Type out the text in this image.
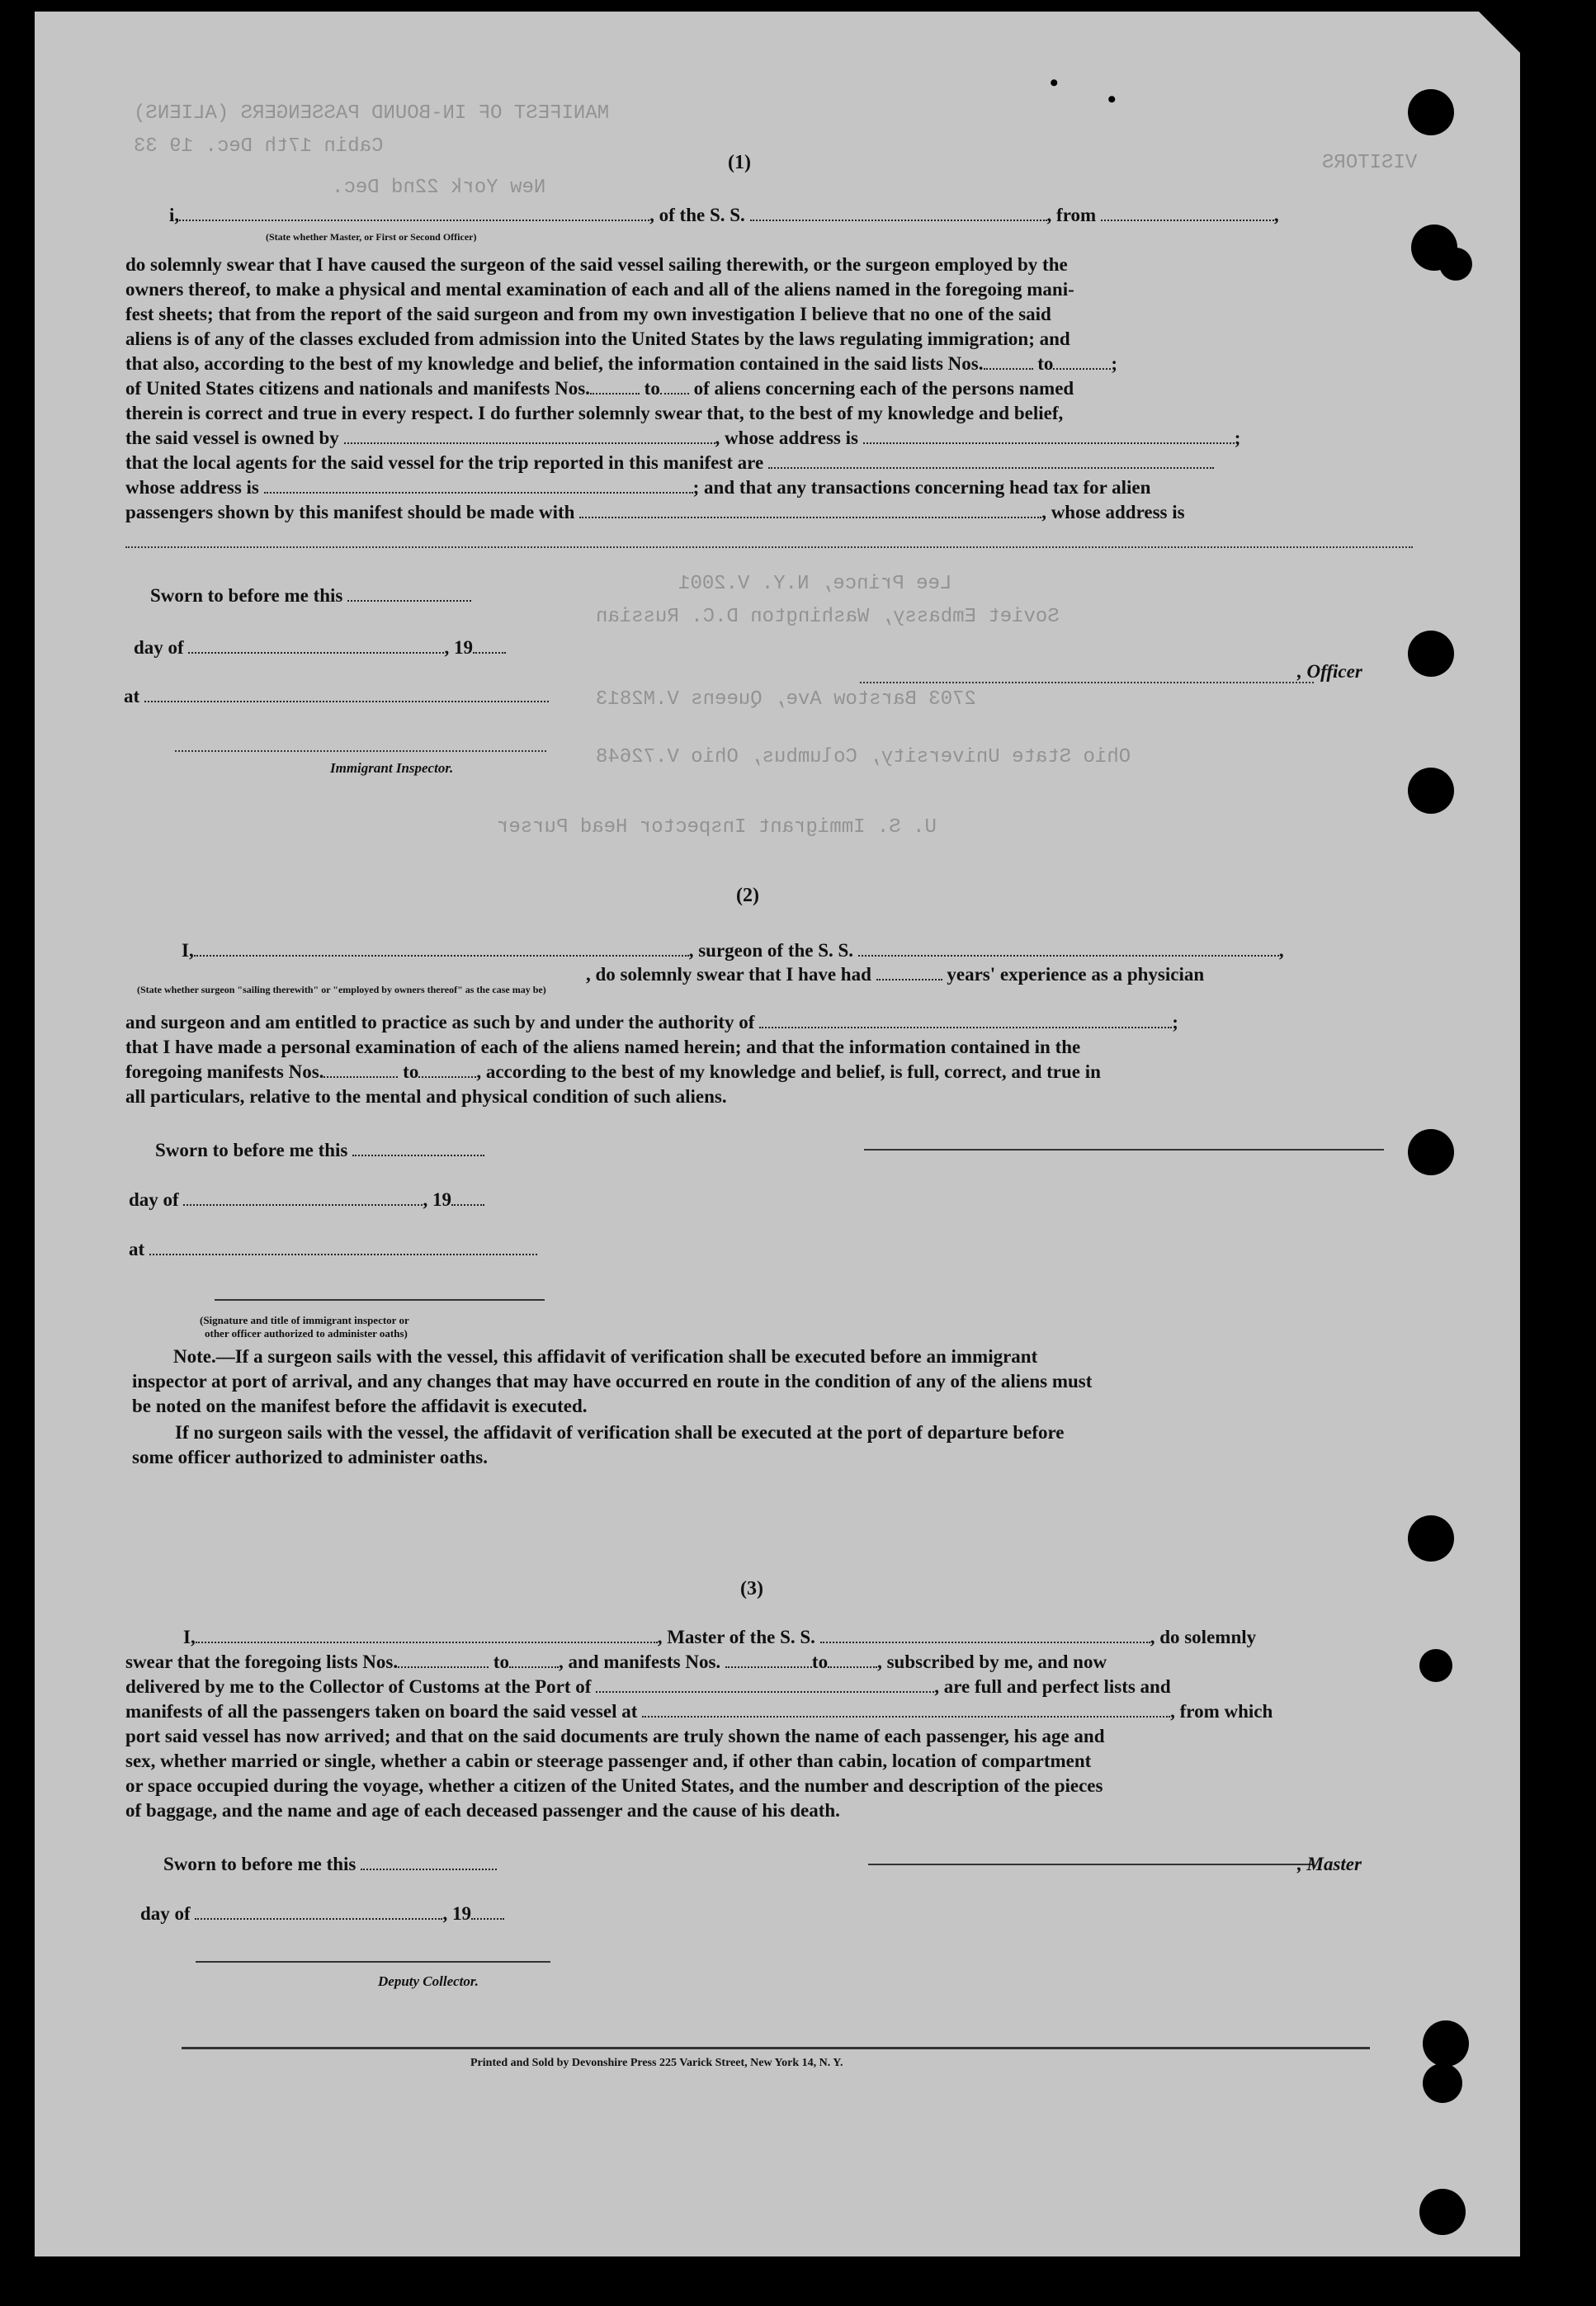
MANIFEST OF IN-BOUND PASSENGERS (ALIENS)
Cabin 17th Dec. 19 33
New York 22nd Dec.
VISITORS
Lee Prince, N.Y. V.2001
Soviet Embassy, Washington D.C. Russian
2703 Barstow Ave, Queens V.M2813
Ohio State University, Columbus, Ohio V.72648
U. S. Immigrant Inspector Head Purser
(1)
i,	, of the S. S.	, from	,
(State whether Master, or First or Second Officer)
do solemnly swear that I have caused the surgeon of the said vessel sailing therewith, or the surgeon employed by the
owners thereof, to make a physical and mental examination of each and all of the aliens named in the foregoing mani-
fest sheets; that from the report of the said surgeon and from my own investigation I believe that no one of the said
aliens is of any of the classes excluded from admission into the United States by the laws regulating immigration; and
that also, according to the best of my knowledge and belief, the information contained in the said lists Nos.	to	;
of United States citizens and nationals and manifests Nos.	to of aliens concerning each of the persons named
therein is correct and true in every respect. I do further solemnly swear that, to the best of my knowledge and belief,
the said vessel is owned by	, whose address is	;
that the local agents for the said vessel for the trip reported in this manifest are
whose address is	; and that any transactions concerning head tax for alien
passengers shown by this manifest should be made with	, whose address is
Sworn to before me this
day of	, 19
at
, Officer
Immigrant Inspector.
(2)
I,	, surgeon of the S. S.	,
, do solemnly swear that I have had	years' experience as a physician
(State whether surgeon "sailing therewith" or "employed by owners thereof" as the case may be)
and surgeon and am entitled to practice as such by and under the authority of	;
that I have made a personal examination of each of the aliens named herein; and that the information contained in the
foregoing manifests Nos.	to	, according to the best of my knowledge and belief, is full, correct, and true in
all particulars, relative to the mental and physical condition of such aliens.
Sworn to before me this
day of	, 19
at
(Signature and title of immigrant inspector or
other officer authorized to administer oaths)
Note.—If a surgeon sails with the vessel, this affidavit of verification shall be executed before an immigrant
inspector at port of arrival, and any changes that may have occurred en route in the condition of any of the aliens must
be noted on the manifest before the affidavit is executed.
If no surgeon sails with the vessel, the affidavit of verification shall be executed at the port of departure before
some officer authorized to administer oaths.
(3)
I,	, Master of the S. S.	, do solemnly
swear that the foregoing lists Nos.	to	, and manifests Nos.	to	, subscribed by me, and now
delivered by me to the Collector of Customs at the Port of	, are full and perfect lists and
manifests of all the passengers taken on board the said vessel at	, from which
port said vessel has now arrived; and that on the said documents are truly shown the name of each passenger, his age and
sex, whether married or single, whether a cabin or steerage passenger and, if other than cabin, location of compartment
or space occupied during the voyage, whether a citizen of the United States, and the number and description of the pieces
of baggage, and the name and age of each deceased passenger and the cause of his death.
Sworn to before me this	, Master
day of	, 19
Deputy Collector.
Printed and Sold by Devonshire Press 225 Varick Street, New York 14, N. Y.
•
•
